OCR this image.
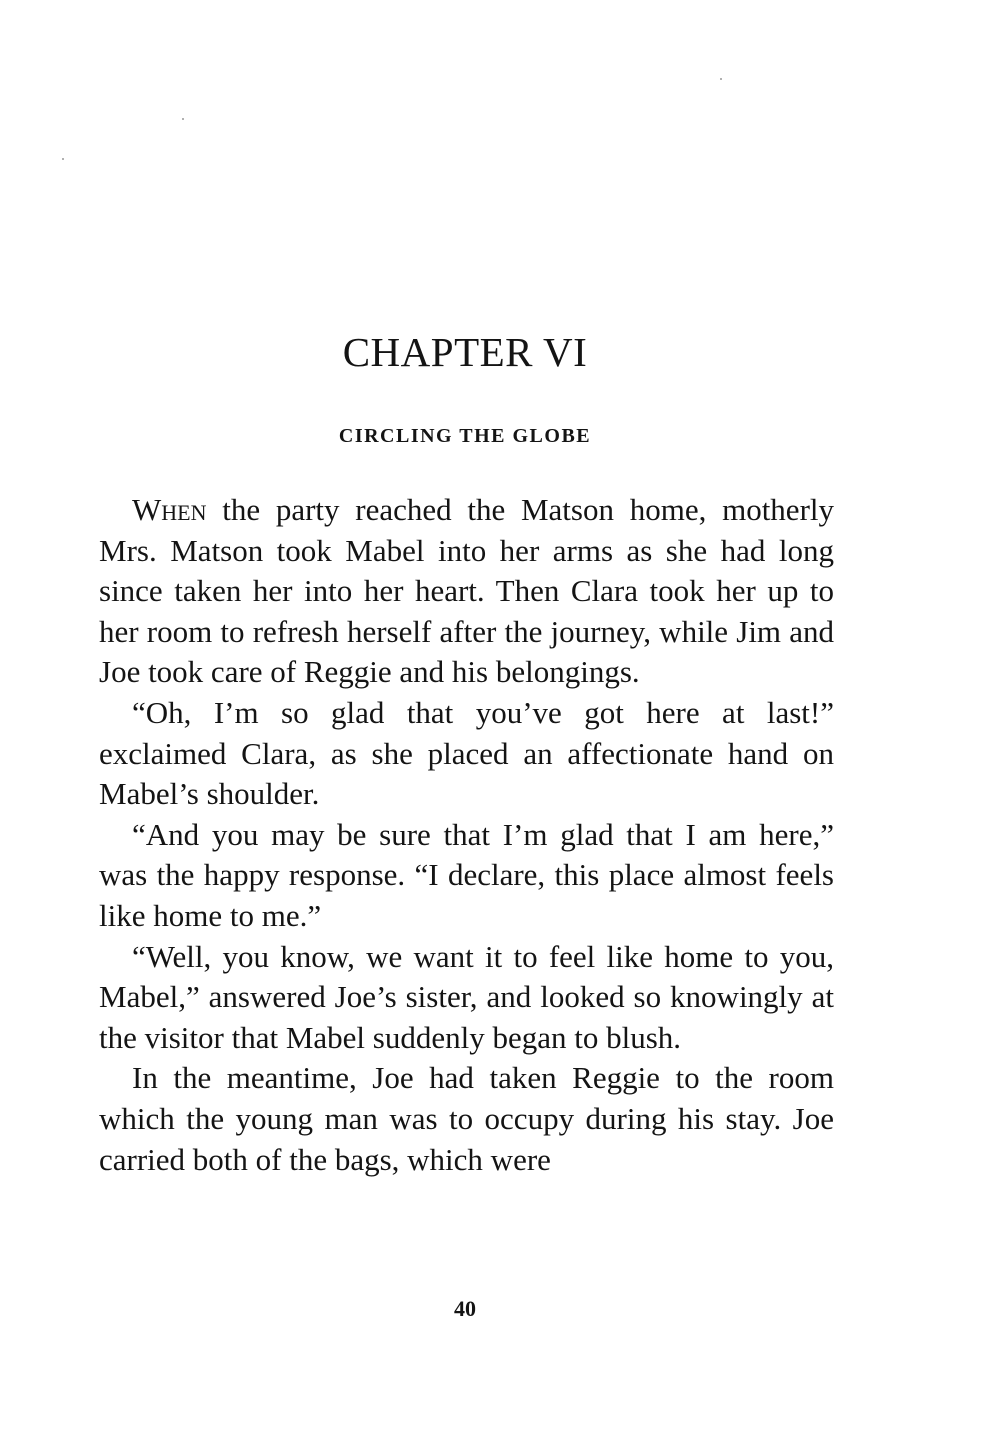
CHAPTER VI
CIRCLING THE GLOBE

When the party reached the Matson home, motherly Mrs. Matson took Mabel into her arms as she had long since taken her into her heart. Then Clara took her up to her room to refresh herself after the journey, while Jim and Joe took care of Reggie and his belongings.

“Oh, I’m so glad that you’ve got here at last!” exclaimed Clara, as she placed an affectionate hand on Mabel’s shoulder.

“And you may be sure that I’m glad that I am here,” was the happy response. “I declare, this place almost feels like home to me.”

“Well, you know, we want it to feel like home to you, Mabel,” answered Joe’s sister, and looked so knowingly at the visitor that Mabel suddenly began to blush.

In the meantime, Joe had taken Reggie to the room which the young man was to occupy during his stay. Joe carried both of the bags, which were

40
